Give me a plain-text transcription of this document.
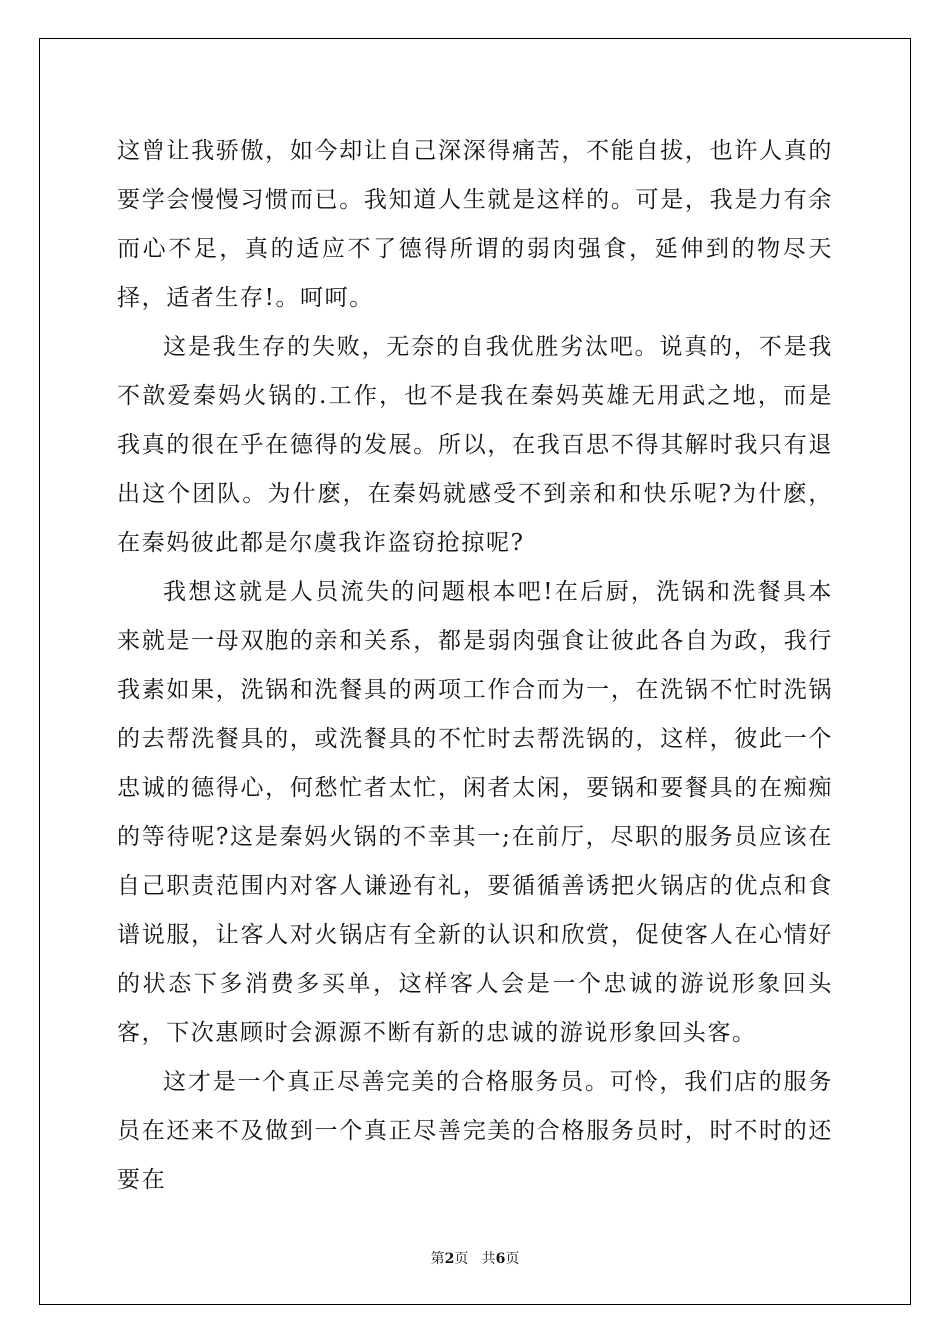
这曾让我骄傲，如今却让自己深深得痛苦，不能自拔，也许人真的要学会慢慢习惯而已。我知道人生就是这样的。可是，我是力有余而心不足，真的适应不了德得所谓的弱肉强食，延伸到的物尽天择，适者生存!。呵呵。

这是我生存的失败，无奈的自我优胜劣汰吧。说真的，不是我不歆爱秦妈火锅的.工作，也不是我在秦妈英雄无用武之地，而是我真的很在乎在德得的发展。所以，在我百思不得其解时我只有退出这个团队。为什麽，在秦妈就感受不到亲和和快乐呢?为什麽，在秦妈彼此都是尔虞我诈盗窃抢掠呢?

我想这就是人员流失的问题根本吧!在后厨，洗锅和洗餐具本来就是一母双胞的亲和关系，都是弱肉强食让彼此各自为政，我行我素如果，洗锅和洗餐具的两项工作合而为一，在洗锅不忙时洗锅的去帮洗餐具的，或洗餐具的不忙时去帮洗锅的，这样，彼此一个忠诚的德得心，何愁忙者太忙，闲者太闲，要锅和要餐具的在痴痴的等待呢?这是秦妈火锅的不幸其一;在前厅，尽职的服务员应该在自己职责范围内对客人谦逊有礼，要循循善诱把火锅店的优点和食谱说服，让客人对火锅店有全新的认识和欣赏，促使客人在心情好的状态下多消费多买单，这样客人会是一个忠诚的游说形象回头客，下次惠顾时会源源不断有新的忠诚的游说形象回头客。

这才是一个真正尽善完美的合格服务员。可怜，我们店的服务员在还来不及做到一个真正尽善完美的合格服务员时，时不时的还要在

第2页 共6页
